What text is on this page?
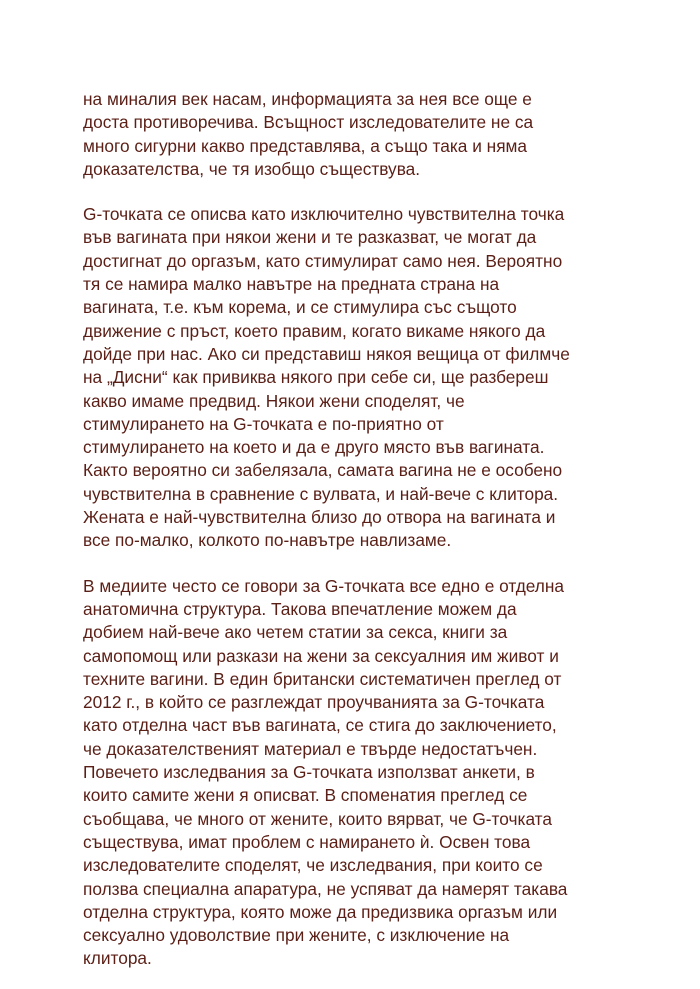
на миналия век насам, информацията за нея все още е
доста противоречива. Всъщност изследователите не са
много сигурни какво представлява, а също така и няма
доказателства, че тя изобщо съществува.

G-точката се описва като изключително чувствителна точка
във вагината при някои жени и те разказват, че могат да
достигнат до оргазъм, като стимулират само нея. Вероятно
тя се намира малко навътре на предната страна на
вагината, т.е. към корема, и се стимулира със същото
движение с пръст, което правим, когато викаме някого да
дойде при нас. Ако си представиш някоя вещица от филмче
на „Дисни“ как привиква някого при себе си, ще разбереш
какво имаме предвид. Някои жени споделят, че
стимулирането на G-точката е по-приятно от
стимулирането на което и да е друго място във вагината.
Както вероятно си забелязала, самата вагина не е особено
чувствителна в сравнение с вулвата, и най-вече с клитора.
Жената е най-чувствителна близо до отвора на вагината и
все по-малко, колкото по-навътре навлизаме.

В медиите често се говори за G-точката все едно е отделна
анатомична структура. Такова впечатление можем да
добием най-вече ако четем статии за секса, книги за
самопомощ или разкази на жени за сексуалния им живот и
техните вагини. В един британски систематичен преглед от
2012 г., в който се разглеждат проучванията за G-точката
като отделна част във вагината, се стига до заключението,
че доказателственият материал е твърде недостатъчен.
Повечето изследвания за G-точката използват анкети, в
които самите жени я описват. В споменатия преглед се
съобщава, че много от жените, които вярват, че G-точката
съществува, имат проблем с намирането ѝ. Освен това
изследователите споделят, че изследвания, при които се
ползва специална апаратура, не успяват да намерят такава
отделна структура, която може да предизвика оргазъм или
сексуално удоволствие при жените, с изключение на
клитора.
